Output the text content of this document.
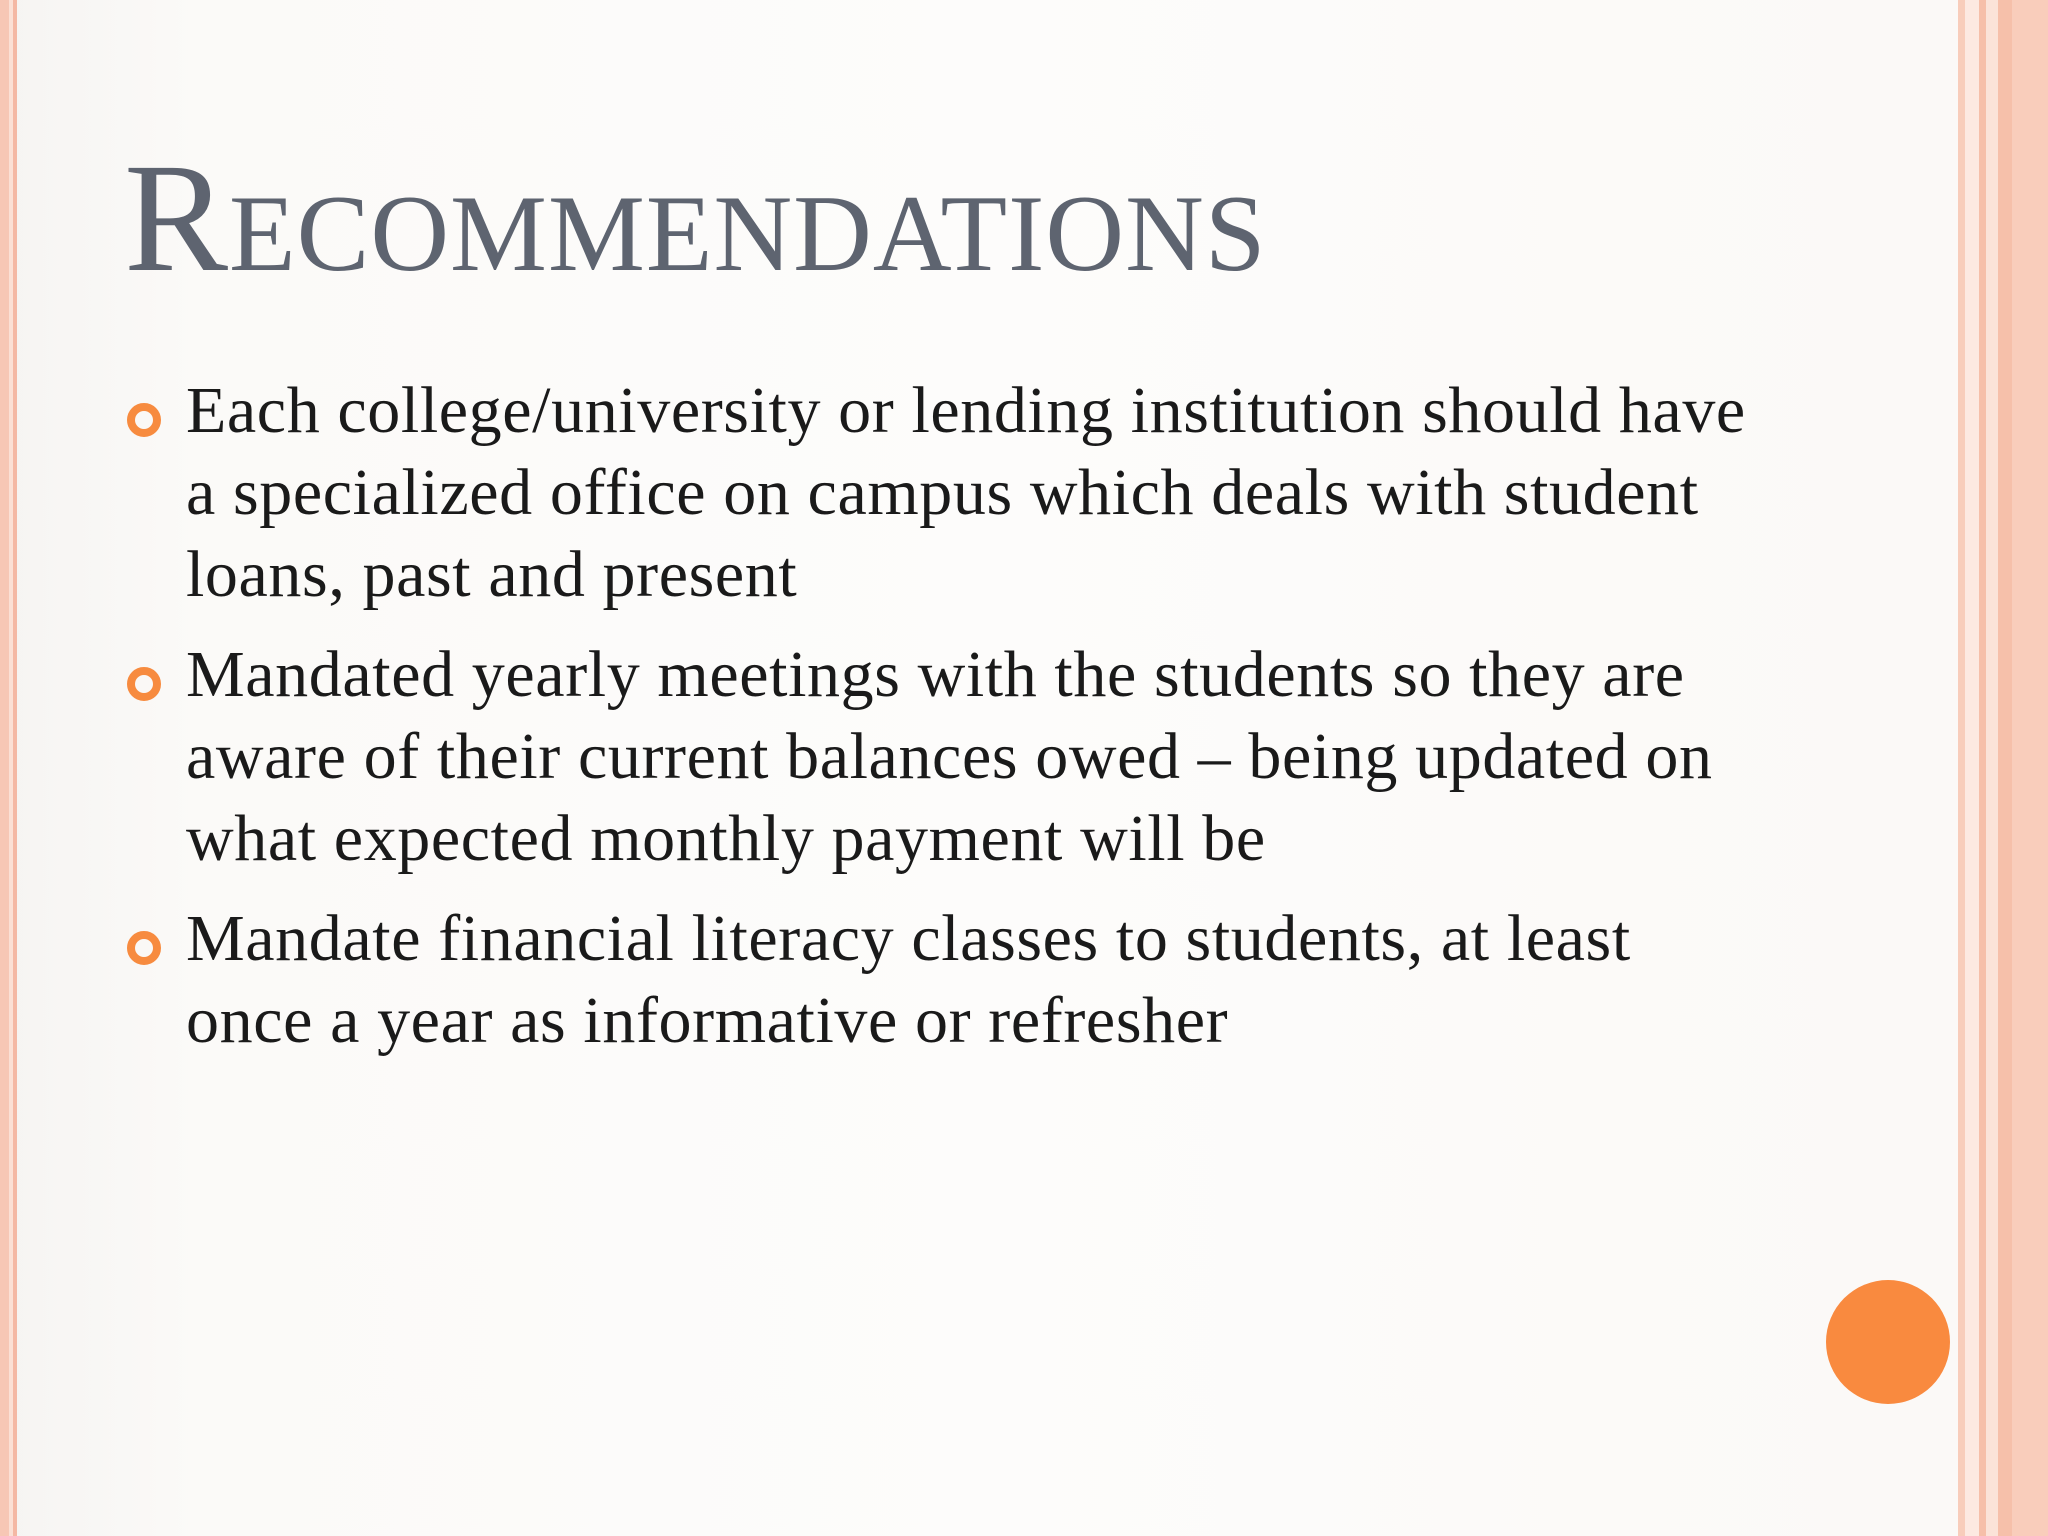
Recommendations
Each college/university or lending institution should have a specialized office on campus which deals with student loans, past and present
Mandated yearly meetings with the students so they are aware of their current balances owed – being updated on what expected monthly payment will be
Mandate financial literacy classes to students, at least once a year as informative or refresher
